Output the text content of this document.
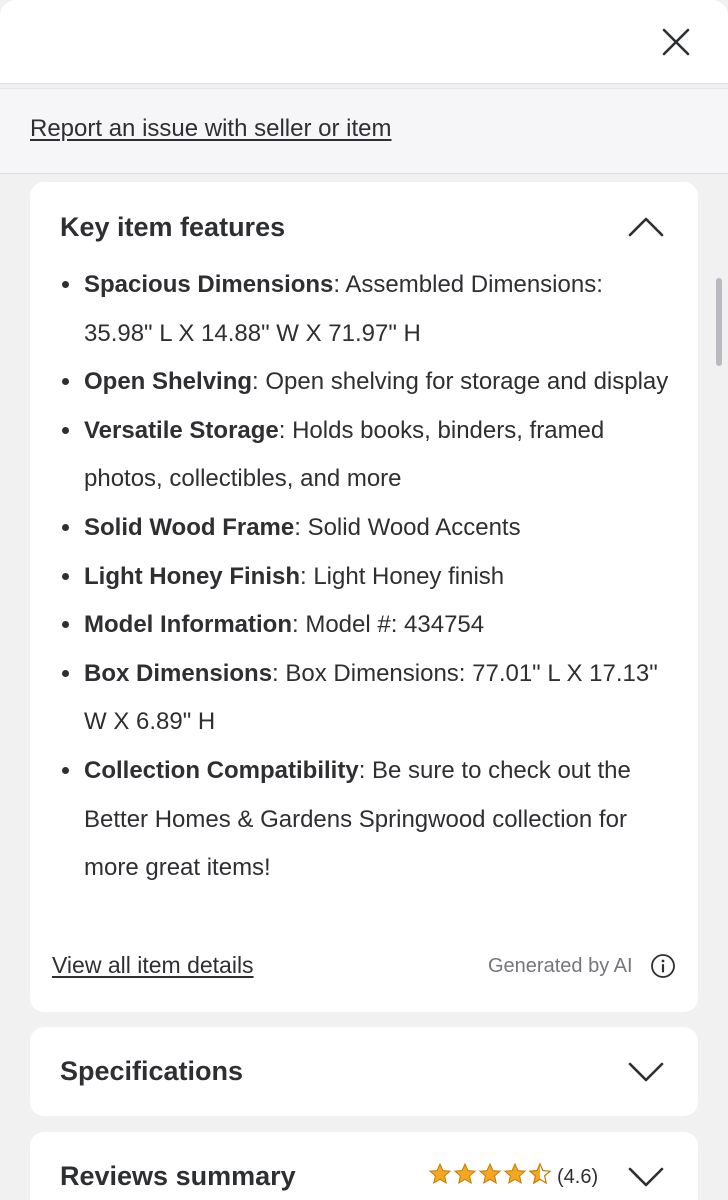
Report an issue with seller or item
Key item features
Spacious Dimensions: Assembled Dimensions: 35.98" L X 14.88" W X 71.97" H
Open Shelving: Open shelving for storage and display
Versatile Storage: Holds books, binders, framed photos, collectibles, and more
Solid Wood Frame: Solid Wood Accents
Light Honey Finish: Light Honey finish
Model Information: Model #: 434754
Box Dimensions: Box Dimensions: 77.01" L X 17.13" W X 6.89" H
Collection Compatibility: Be sure to check out the Better Homes & Gardens Springwood collection for more great items!
View all item details	Generated by AI
Specifications
Reviews summary	(4.6)
